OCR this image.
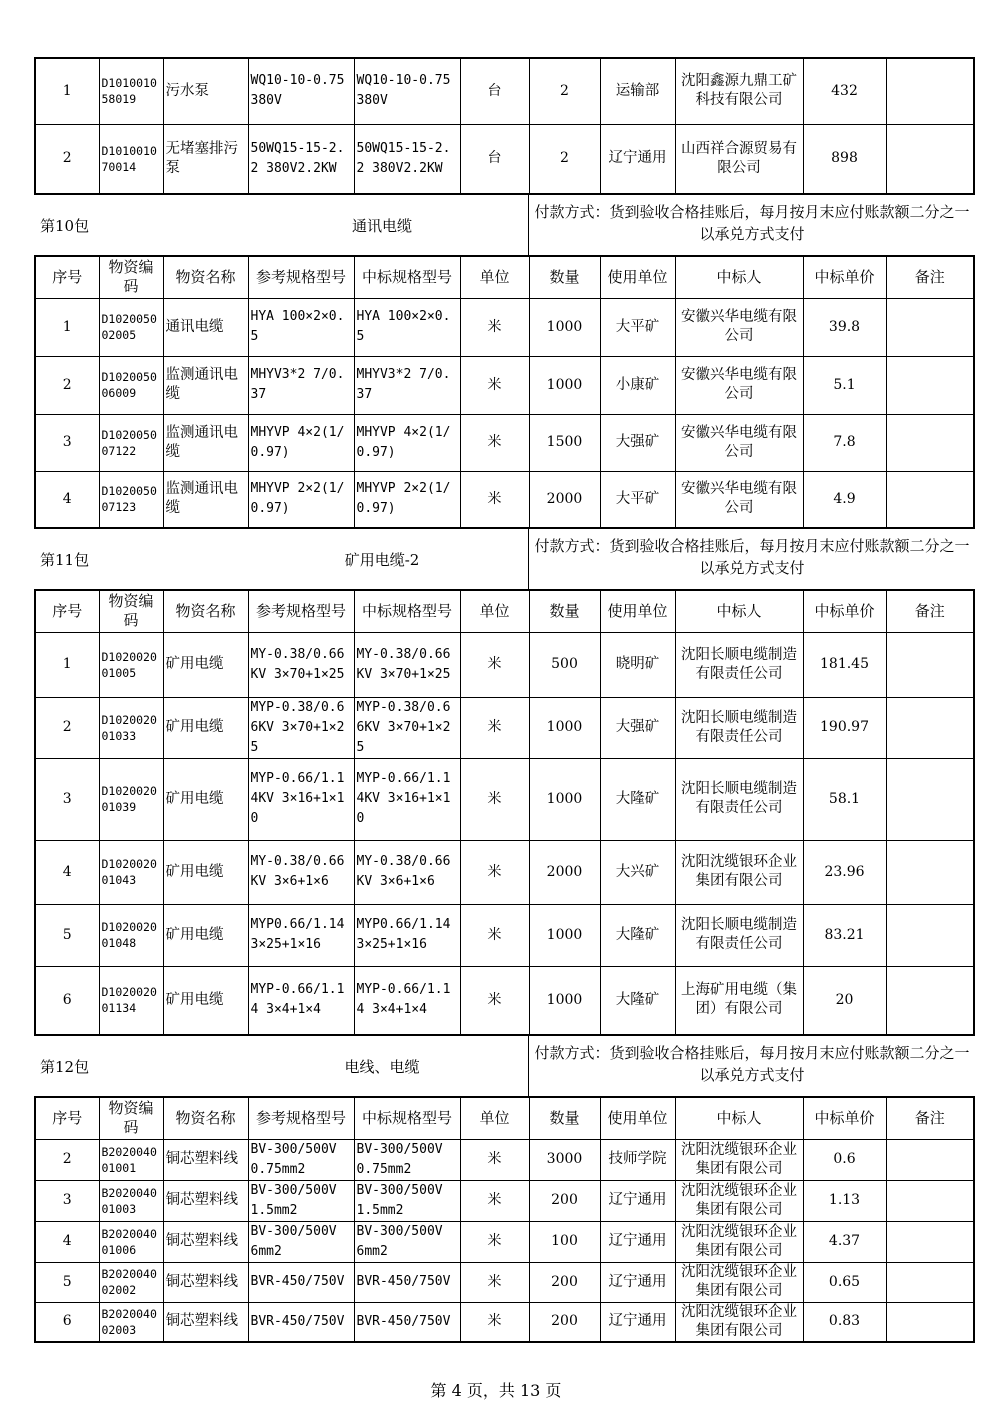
1	D101001058019	污水泵	WQ10-10-0.75 380V	WQ10-10-0.75 380V	台	2	运输部	沈阳鑫源九鼎工矿科技有限公司	432	
2	D101001070014	无堵塞排污泵	50WQ15-15-2.2 380V2.2KW	50WQ15-15-2.2 380V2.2KW	台	2	辽宁通用	山西祥合源贸易有限公司	898	
第10包	通讯电缆
付款方式：货到验收合格挂账后，每月按月末应付账款额二分之一以承兑方式支付
序号	物资编码	物资名称	参考规格型号	中标规格型号	单位	数量	使用单位	中标人	中标单价	备注
1	D102005002005	通讯电缆	HYA 100×2×0.5	HYA 100×2×0.5	米	1000	大平矿	安徽兴华电缆有限公司	39.8	
2	D102005006009	监测通讯电缆	MHYV3*2 7/0.37	MHYV3*2 7/0.37	米	1000	小康矿	安徽兴华电缆有限公司	5.1	
3	D102005007122	监测通讯电缆	MHYVP 4×2(1/0.97)	MHYVP 4×2(1/0.97)	米	1500	大强矿	安徽兴华电缆有限公司	7.8	
4	D102005007123	监测通讯电缆	MHYVP 2×2(1/0.97)	MHYVP 2×2(1/0.97)	米	2000	大平矿	安徽兴华电缆有限公司	4.9	
第11包	矿用电缆-2
付款方式：货到验收合格挂账后，每月按月末应付账款额二分之一以承兑方式支付
序号	物资编码	物资名称	参考规格型号	中标规格型号	单位	数量	使用单位	中标人	中标单价	备注
1	D102002001005	矿用电缆	MY-0.38/0.66KV 3×70+1×25	MY-0.38/0.66KV 3×70+1×25	米	500	晓明矿	沈阳长顺电缆制造有限责任公司	181.45	
2	D102002001033	矿用电缆	MYP-0.38/0.66KV 3×70+1×25	MYP-0.38/0.66KV 3×70+1×25	米	1000	大强矿	沈阳长顺电缆制造有限责任公司	190.97	
3	D102002001039	矿用电缆	MYP-0.66/1.14KV 3×16+1×10	MYP-0.66/1.14KV 3×16+1×10	米	1000	大隆矿	沈阳长顺电缆制造有限责任公司	58.1	
4	D102002001043	矿用电缆	MY-0.38/0.66KV 3×6+1×6	MY-0.38/0.66KV 3×6+1×6	米	2000	大兴矿	沈阳沈缆银环企业集团有限公司	23.96	
5	D102002001048	矿用电缆	MYP0.66/1.14 3×25+1×16	MYP0.66/1.14 3×25+1×16	米	1000	大隆矿	沈阳长顺电缆制造有限责任公司	83.21	
6	D102002001134	矿用电缆	MYP-0.66/1.14 3×4+1×4	MYP-0.66/1.14 3×4+1×4	米	1000	大隆矿	上海矿用电缆（集团）有限公司	20	
第12包	电线、电缆
付款方式：货到验收合格挂账后，每月按月末应付账款额二分之一以承兑方式支付
序号	物资编码	物资名称	参考规格型号	中标规格型号	单位	数量	使用单位	中标人	中标单价	备注
2	B202004001001	铜芯塑料线	BV-300/500V 0.75mm2	BV-300/500V 0.75mm2	米	3000	技师学院	沈阳沈缆银环企业集团有限公司	0.6	
3	B202004001003	铜芯塑料线	BV-300/500V 1.5mm2	BV-300/500V 1.5mm2	米	200	辽宁通用	沈阳沈缆银环企业集团有限公司	1.13	
4	B202004001006	铜芯塑料线	BV-300/500V 6mm2	BV-300/500V 6mm2	米	100	辽宁通用	沈阳沈缆银环企业集团有限公司	4.37	
5	B202004002002	铜芯塑料线	BVR-450/750V	BVR-450/750V	米	200	辽宁通用	沈阳沈缆银环企业集团有限公司	0.65	
6	B202004002003	铜芯塑料线	BVR-450/750V	BVR-450/750V	米	200	辽宁通用	沈阳沈缆银环企业集团有限公司	0.83	
第 4 页，共 13 页
